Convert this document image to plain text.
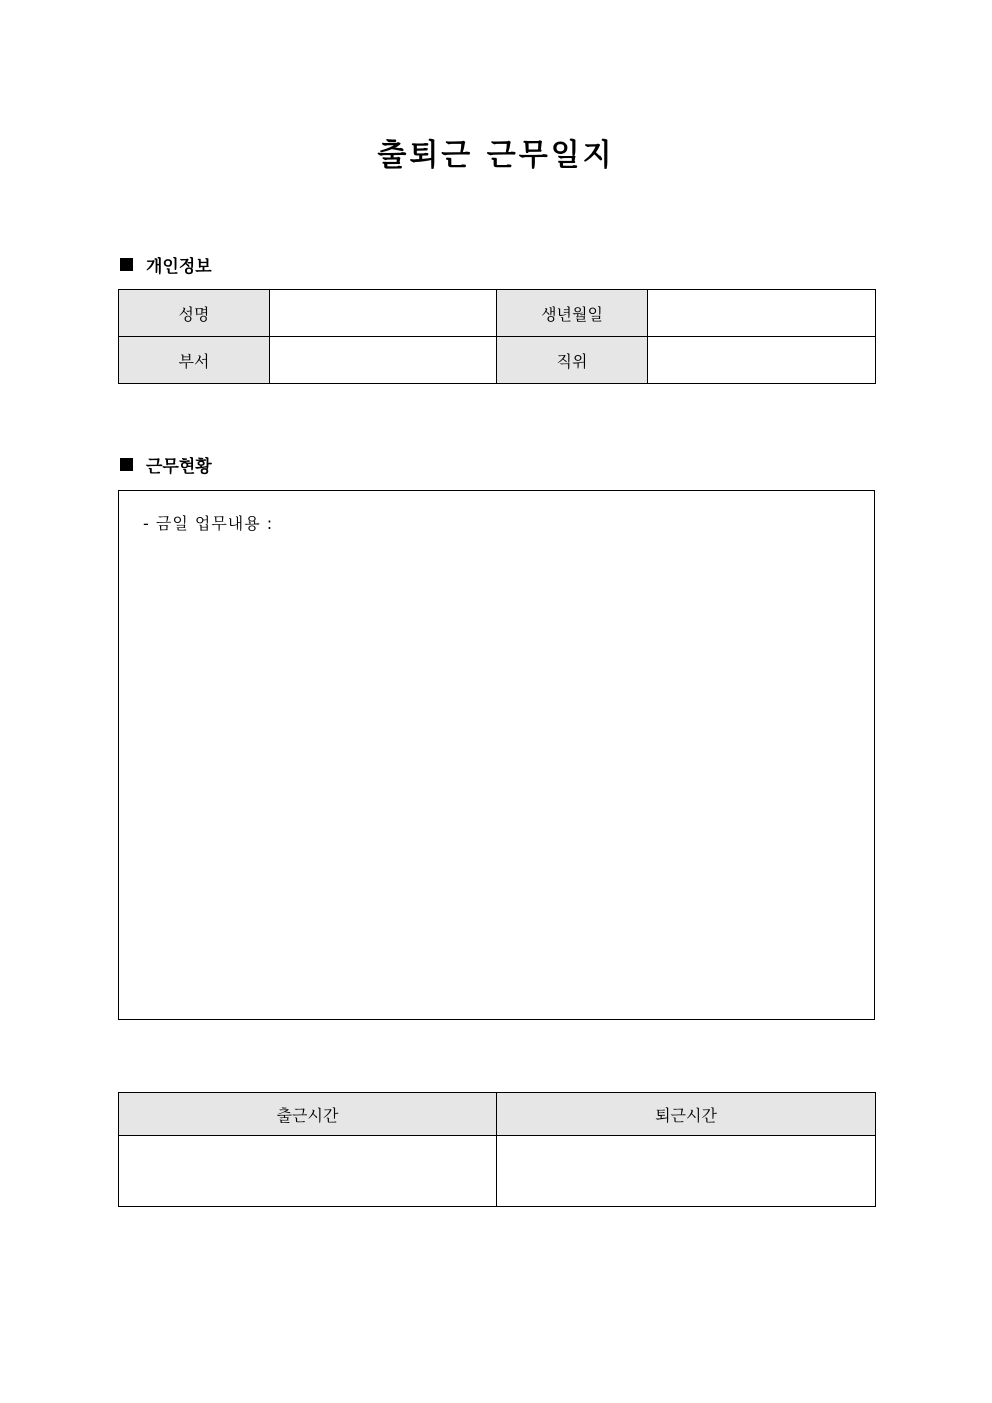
출퇴근 근무일지
개인정보
성명		생년월일	
부서		직위	
근무현황
- 금일 업무내용 :
출근시간	퇴근시간
